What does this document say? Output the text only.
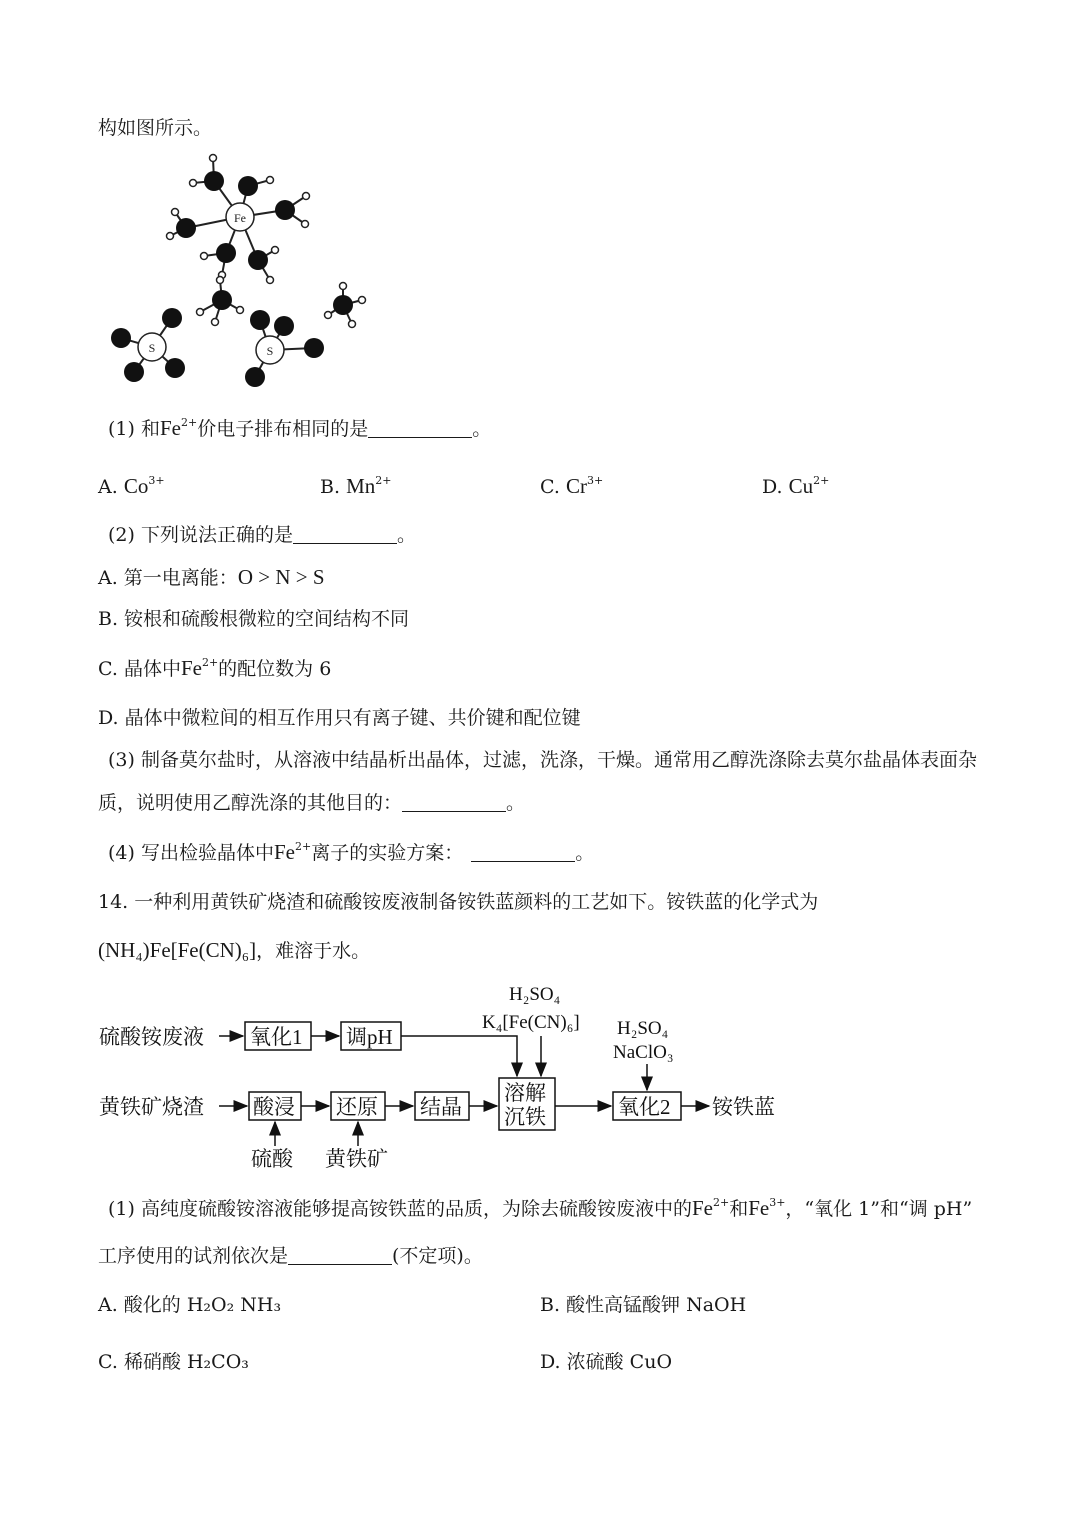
构如图所示。
Fe
S	S
(1) 和$Fe^{2+}$价电子排布相同的是	。
A. $Co^{3+}$	B. $Mn^{2+}$	C. $Cr^{3+}$	D. $Cu^{2+}$
(2) 下列说法正确的是	。
A. 第一电离能：O > N > S
B. 铵根和硫酸根微粒的空间结构不同
C. 晶体中$Fe^{2+}$的配位数为 6
D. 晶体中微粒间的相互作用只有离子键、共价键和配位键
(3) 制备莫尔盐时，从溶液中结晶析出晶体，过滤，洗涤，干燥。通常用乙醇洗涤除去莫尔盐晶体表面杂
质，说明使用乙醇洗涤的其他目的：	。
(4) 写出检验晶体中$Fe^{2+}$离子的实验方案：	。
14. 一种利用黄铁矿烧渣和硫酸铵废液制备铵铁蓝颜料的工艺如下。铵铁蓝的化学式为
(NH₄)Fe[Fe(CN)₆]，难溶于水。
硫酸铵废液 氧化1 调pH
H₂SO₄
K₄[Fe(CN)₆]
黄铁矿烧渣 酸浸 还原 结晶
溶解
沉铁	氧化2 铵铁蓝
H₂SO₄
NaClO₃
硫酸 黄铁矿
(1) 高纯度硫酸铵溶液能够提高铵铁蓝的品质，为除去硫酸铵废液中的$Fe^{2+}$和$Fe^{3+}$，“氧化 1”和“调 pH”
工序使用的试剂依次是	(不定项)。
A. 酸化的 H₂O₂ NH₃	B. 酸性高锰酸钾 NaOH
C. 稀硝酸 H₂CO₃	D. 浓硫酸 CuO
